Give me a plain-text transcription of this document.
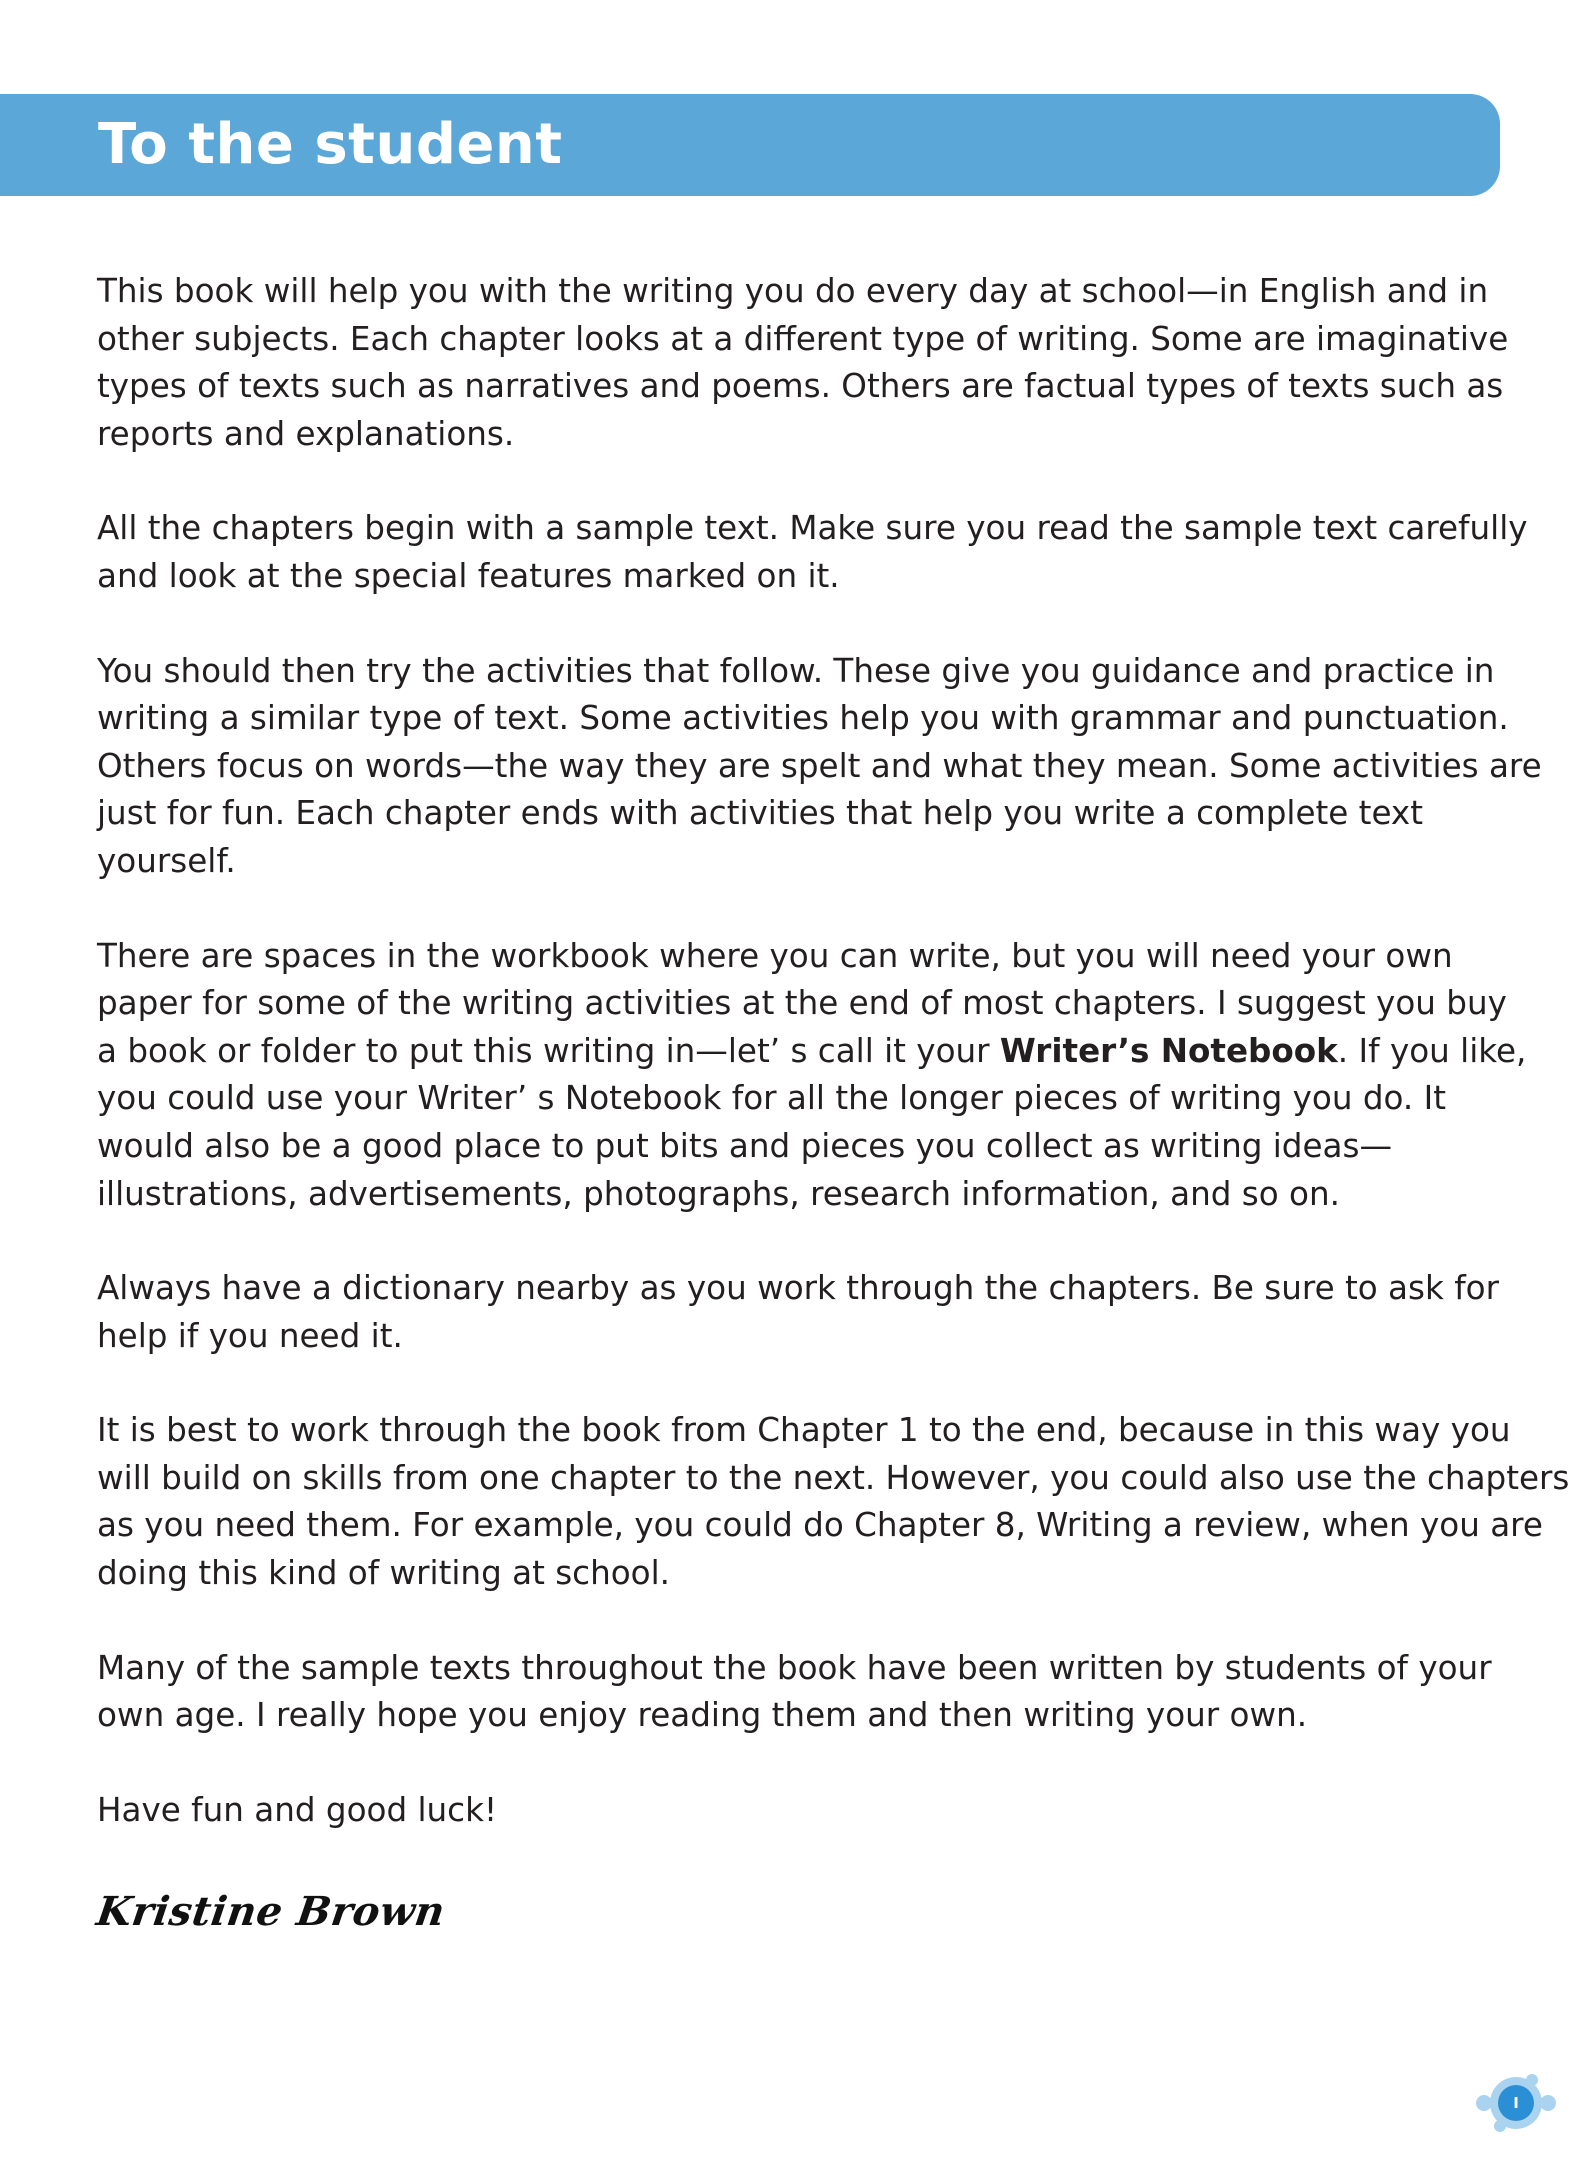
To the student

This book will help you with the writing you do every day at school—in English and in
other subjects. Each chapter looks at a different type of writing. Some are imaginative
types of texts such as narratives and poems. Others are factual types of texts such as
reports and explanations.

All the chapters begin with a sample text. Make sure you read the sample text carefully
and look at the special features marked on it.

You should then try the activities that follow. These give you guidance and practice in
writing a similar type of text. Some activities help you with grammar and punctuation.
Others focus on words—the way they are spelt and what they mean. Some activities are
just for fun. Each chapter ends with activities that help you write a complete text
yourself.

There are spaces in the workbook where you can write, but you will need your own
paper for some of the writing activities at the end of most chapters. I suggest you buy
a book or folder to put this writing in—let’ s call it your Writer’s Notebook. If you like,
you could use your Writer’ s Notebook for all the longer pieces of writing you do. It
would also be a good place to put bits and pieces you collect as writing ideas—
illustrations, advertisements, photographs, research information, and so on.

Always have a dictionary nearby as you work through the chapters. Be sure to ask for
help if you need it.

It is best to work through the book from Chapter 1 to the end, because in this way you
will build on skills from one chapter to the next. However, you could also use the chapters
as you need them. For example, you could do Chapter 8, Writing a review, when you are
doing this kind of writing at school.

Many of the sample texts throughout the book have been written by students of your
own age. I really hope you enjoy reading them and then writing your own.

Have fun and good luck!

Kristine Brown
I
